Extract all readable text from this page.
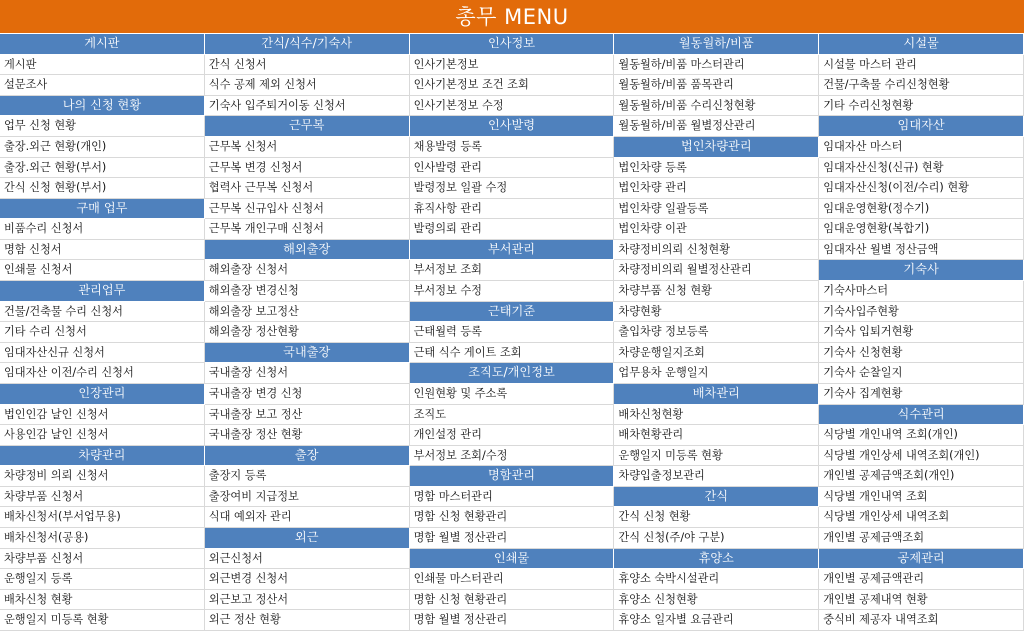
총무 MENU
게시판
게시판
설문조사
나의 신청 현황
업무 신청 현황
출장.외근 현황(개인)
출장.외근 현황(부서)
간식 신청 현황(부서)
구매 업무
비품수리 신청서
명함 신청서
인쇄물 신청서
관리업무
건물/건축물 수리 신청서
기타 수리 신청서
임대자산신규 신청서
임대자산 이전/수리 신청서
인장관리
법인인감 날인 신청서
사용인감 날인 신청서
차량관리
차량정비 의뢰 신청서
차량부품 신청서
배차신청서(부서업무용)
배차신청서(공용)
차량부품 신청서
운행일지 등록
배차신청 현황
운행일지 미등록 현황
간식/식수/기숙사
간식 신청서
식수 공제 제외 신청서
기숙사 입주퇴거이동 신청서
근무복
근무복 신청서
근무복 변경 신청서
협력사 근무복 신청서
근무복 신규입사 신청서
근무복 개인구매 신청서
해외출장
해외출장 신청서
해외출장 변경신청
해외출장 보고정산
해외출장 정산현황
국내출장
국내출장 신청서
국내출장 변경 신청
국내출장 보고 정산
국내출장 정산 현황
출장
출장지 등록
출장여비 지급정보
식대 예외자 관리
외근
외근신청서
외근변경 신청서
외근보고 정산서
외근 정산 현황
인사정보
인사기본정보
인사기본정보 조건 조회
인사기본정보 수정
인사발령
채용발령 등록
인사발령 관리
발령정보 일괄 수정
휴직사항 관리
발령의뢰 관리
부서관리
부서정보 조회
부서정보 수정
근태기준
근태월력 등록
근태 식수 게이트 조회
조직도/개인정보
인원현황 및 주소록
조직도
개인설정 관리
부서정보 조회/수정
명함관리
명함 마스터관리
명함 신청 현황관리
명함 월별 정산관리
인쇄물
인쇄물 마스터관리
명함 신청 현황관리
명함 월별 정산관리
월동월하/비품
월동월하/비품 마스터관리
월동월하/비품 품목관리
월동월하/비품 수리신청현황
월동월하/비품 월별정산관리
법인차량관리
법인차량 등록
법인차량 관리
법인차량 일괄등록
법인차량 이관
차량정비의뢰 신청현황
차량정비의뢰 월별정산관리
차량부품 신청 현황
차량현황
출입차량 정보등록
차량운행일지조회
업무용차 운행일지
배차관리
배차신청현황
배차현황관리
운행일지 미등록 현황
차량입출정보관리
간식
간식 신청 현황
간식 신청(주/야 구분)
휴양소
휴양소 숙박시설관리
휴양소 신청현황
휴양소 일자별 요금관리
시설물
시설물 마스터 관리
건물/구축물 수리신청현황
기타 수리신청현황
임대자산
임대자산 마스터
임대자산신청(신규) 현황
임대자산신청(이전/수리) 현황
임대운영현황(정수기)
임대운영현황(복합기)
임대자산 월별 정산금액
기숙사
기숙사마스터
기숙사입주현황
기숙사 입퇴거현황
기숙사 신청현황
기숙사 순찰일지
기숙사 집계현황
식수관리
식당별 개인내역 조회(개인)
식당별 개인상세 내역조회(개인)
개인별 공제금액조회(개인)
식당별 개인내역 조회
식당별 개인상세 내역조회
개인별 공제금액조회
공제관리
개인별 공제금액관리
개인별 공제내역 현황
중식비 제공자 내역조회
